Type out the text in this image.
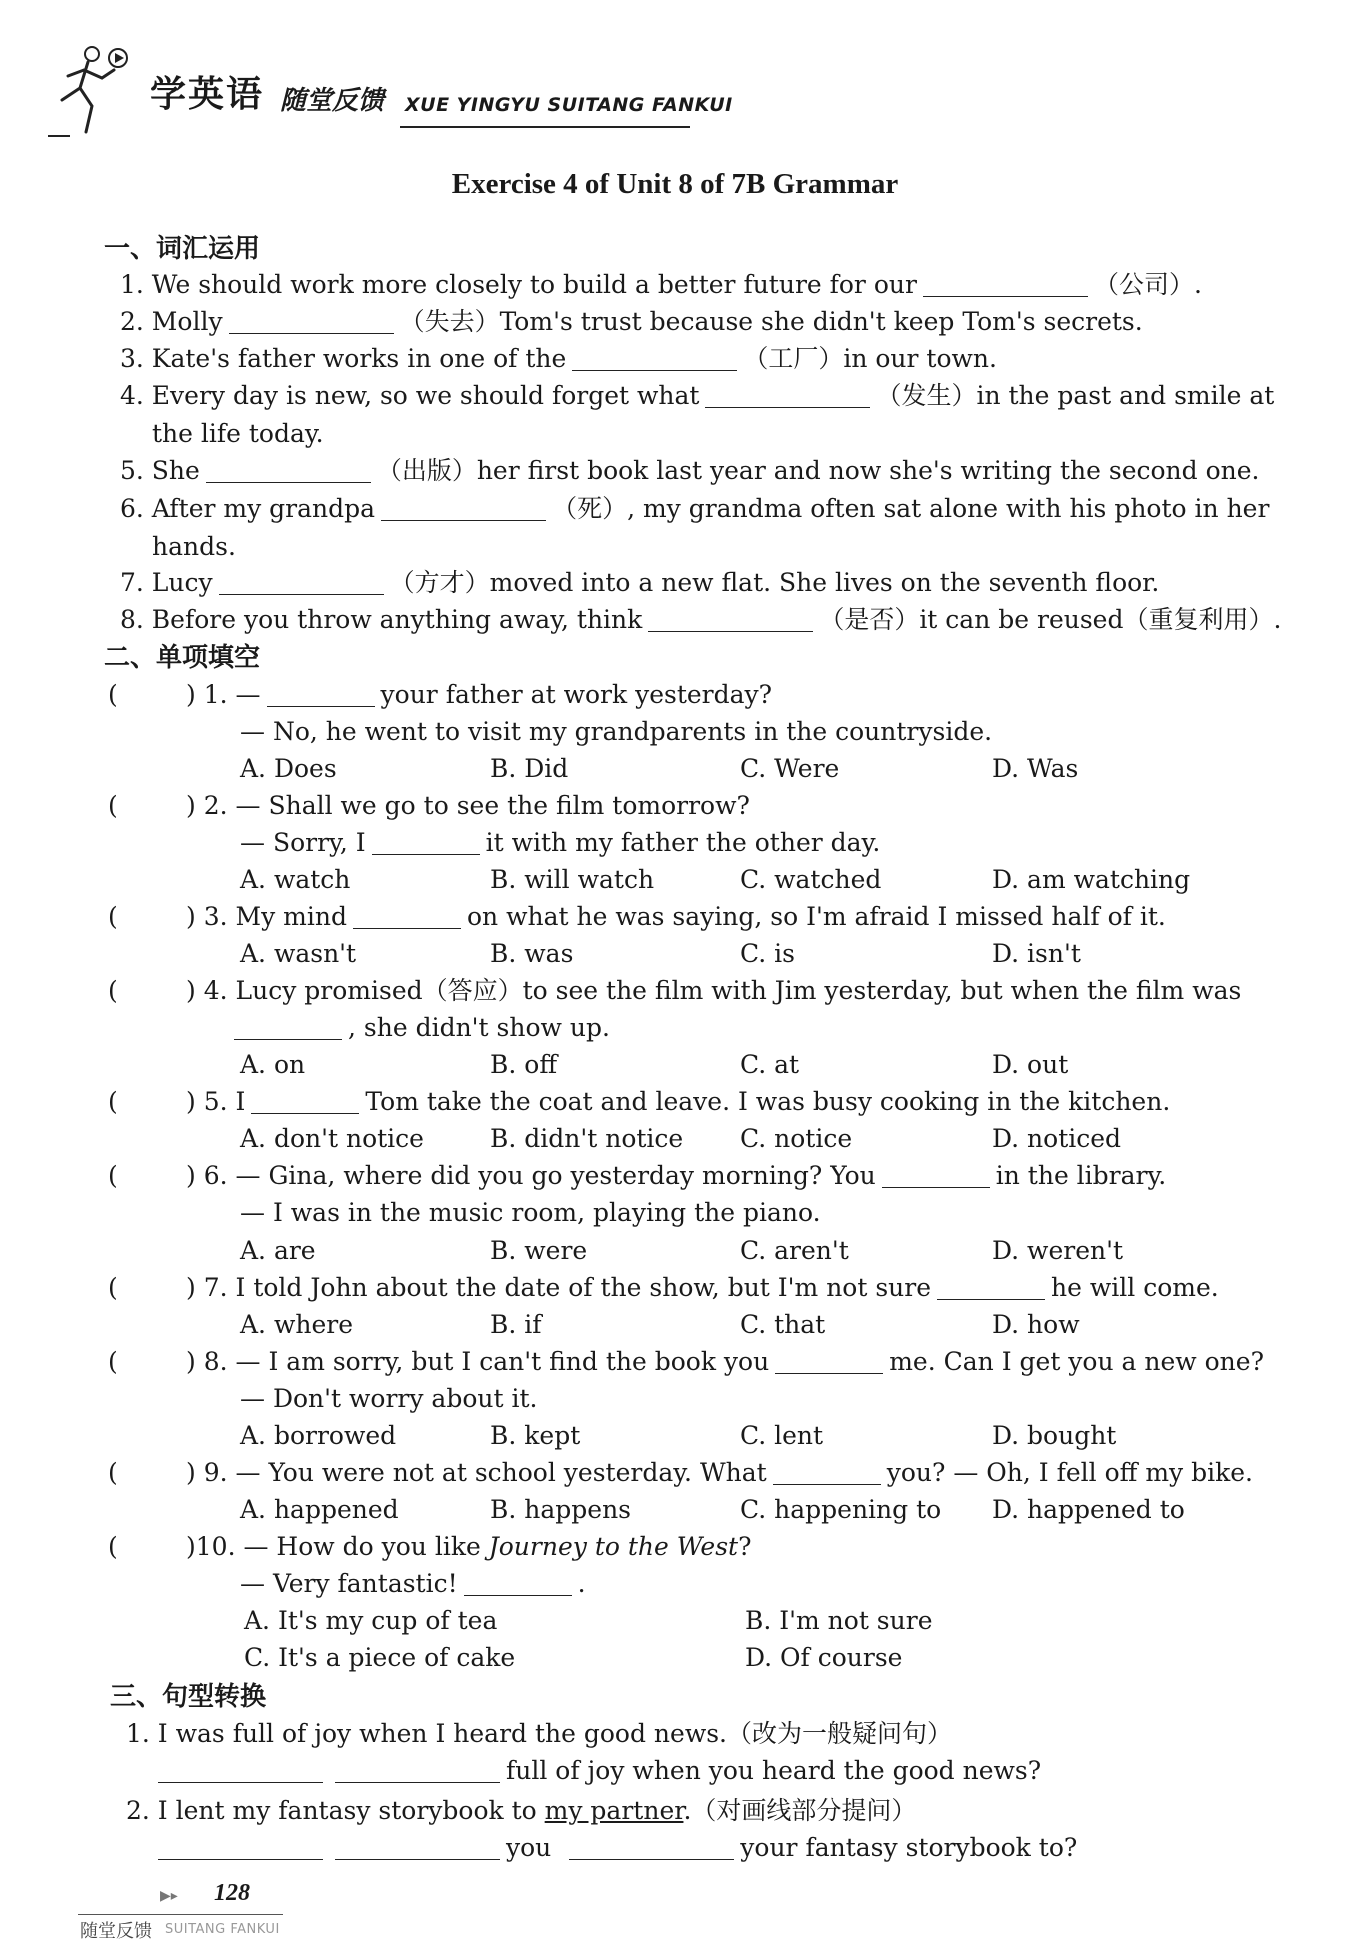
学英语 随堂反馈 XUE YINGYU SUITANG FANKUI
Exercise 4 of Unit 8 of 7B Grammar
一、词汇运用
1. We should work more closely to build a better future for our	（公司）.
2. Molly	（失去）Tom's trust because she didn't keep Tom's secrets.
3. Kate's father works in one of the	（工厂）in our town.
4. Every day is new, so we should forget what	（发生）in the past and smile at
the life today.
5. She	（出版）her first book last year and now she's writing the second one.
6. After my grandpa	（死）, my grandma often sat alone with his photo in her
hands.
7. Lucy	（方才）moved into a new flat. She lives on the seventh floor.
8. Before you throw anything away, think	（是否）it can be reused（重复利用）.
二、单项填空
(	) 1. —	your father at work yesterday?
— No, he went to visit my grandparents in the countryside.
A. Does	B. Did	C. Were	D. Was
(	) 2. — Shall we go to see the film tomorrow?
— Sorry, I	it with my father the other day.
A. watch	B. will watch	C. watched	D. am watching
(	) 3. My mind	on what he was saying, so I'm afraid I missed half of it.
A. wasn't	B. was	C. is	D. isn't
(	) 4. Lucy promised（答应）to see the film with Jim yesterday, but when the film was
, she didn't show up.
A. on	B. off	C. at	D. out
(	) 5. I	Tom take the coat and leave. I was busy cooking in the kitchen.
A. don't notice	B. didn't notice C. notice	D. noticed
(	) 6. — Gina, where did you go yesterday morning? You	in the library.
— I was in the music room, playing the piano.
A. are	B. were	C. aren't	D. weren't
(	) 7. I told John about the date of the show, but I'm not sure	he will come.
A. where	B. if	C. that	D. how
(	) 8. — I am sorry, but I can't find the book you	me. Can I get you a new one?
— Don't worry about it.
A. borrowed	B. kept	C. lent	D. bought
(	) 9. — You were not at school yesterday. What	you? — Oh, I fell off my bike.
A. happened	B. happens	C. happening to D. happened to
(	)10. — How do you like Journey to the West?
— Very fantastic!	.
A. It's my cup of tea	B. I'm not sure
C. It's a piece of cake	D. Of course
三、句型转换
1. I was full of joy when I heard the good news.（改为一般疑问句）
full of joy when you heard the good news?
2. I lent my fantasy storybook to my partner.（对画线部分提问）
you	your fantasy storybook to?
▶▸ 128
随堂反馈 SUITANG FANKUI
